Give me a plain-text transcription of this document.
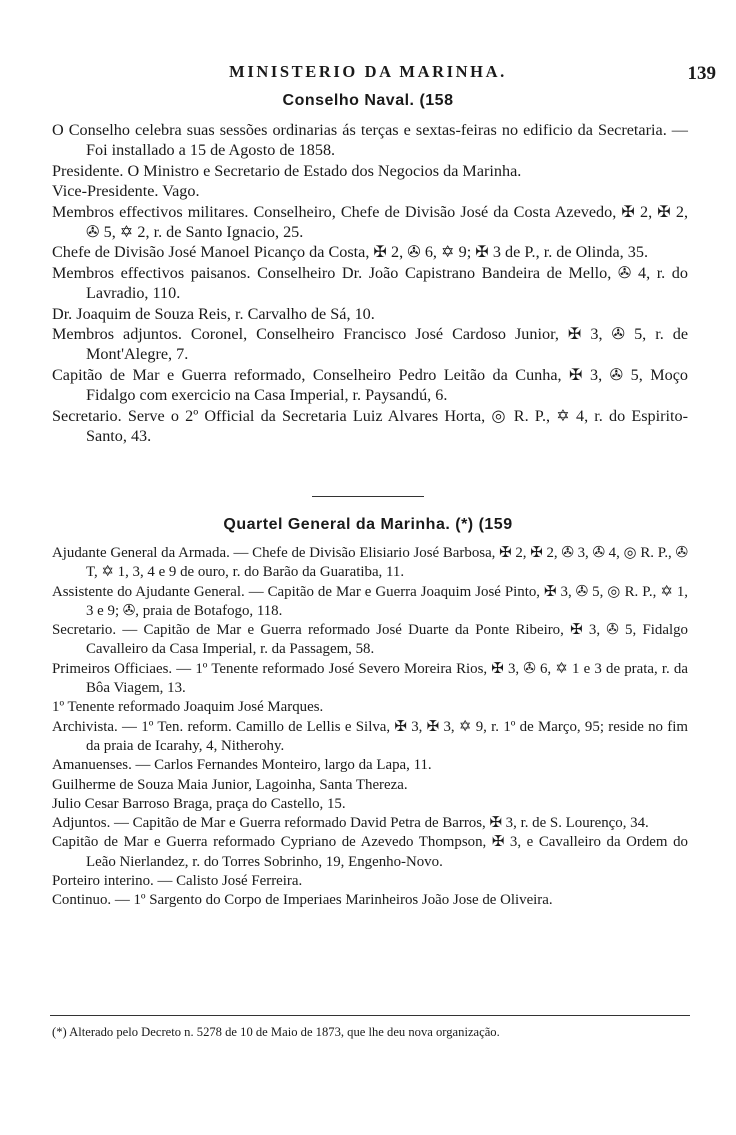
MINISTERIO DA MARINHA.	139
Conselho Naval. (158
O Conselho celebra suas sessões ordinarias ás terças e sextas-feiras no edificio da Secretaria. — Foi installado a 15 de Agosto de 1858.
Presidente. O Ministro e Secretario de Estado dos Negocios da Marinha.
Vice-Presidente. Vago.
Membros effectivos militares. Conselheiro, Chefe de Divisão José da Costa Azevedo, ✠ 2, ✠ 2, ✇ 5, ✡ 2, r. de Santo Ignacio, 25.
Chefe de Divisão José Manoel Picanço da Costa, ✠ 2, ✇ 6, ✡ 9; ✠ 3 de P., r. de Olinda, 35.
Membros effectivos paisanos. Conselheiro Dr. João Capistrano Bandeira de Mello, ✇ 4, r. do Lavradio, 110.
Dr. Joaquim de Souza Reis, r. Carvalho de Sá, 10.
Membros adjuntos. Coronel, Conselheiro Francisco José Cardoso Junior, ✠ 3, ✇ 5, r. de Mont'Alegre, 7.
Capitão de Mar e Guerra reformado, Conselheiro Pedro Leitão da Cunha, ✠ 3, ✇ 5, Moço Fidalgo com exercicio na Casa Imperial, r. Paysandú, 6.
Secretario. Serve o 2º Official da Secretaria Luiz Alvares Horta, ◎ R. P., ✡ 4, r. do Espirito-Santo, 43.
Quartel General da Marinha. (*) (159
Ajudante General da Armada. — Chefe de Divisão Elisiario José Barbosa, ✠ 2, ✠ 2, ✇ 3, ✇ 4, ◎ R. P., ✇ T, ✡ 1, 3, 4 e 9 de ouro, r. do Barão da Guaratiba, 11.
Assistente do Ajudante General. — Capitão de Mar e Guerra Joaquim José Pinto, ✠ 3, ✇ 5, ◎ R. P., ✡ 1, 3 e 9; ✇, praia de Botafogo, 118.
Secretario. — Capitão de Mar e Guerra reformado José Duarte da Ponte Ribeiro, ✠ 3, ✇ 5, Fidalgo Cavalleiro da Casa Imperial, r. da Passagem, 58.
Primeiros Officiaes. — 1º Tenente reformado José Severo Moreira Rios, ✠ 3, ✇ 6, ✡ 1 e 3 de prata, r. da Bôa Viagem, 13.
1º Tenente reformado Joaquim José Marques.
Archivista. — 1º Ten. reform. Camillo de Lellis e Silva, ✠ 3, ✠ 3, ✡ 9, r. 1º de Março, 95; reside no fim da praia de Icarahy, 4, Nitherohy.
Amanuenses. — Carlos Fernandes Monteiro, largo da Lapa, 11.
Guilherme de Souza Maia Junior, Lagoinha, Santa Thereza.
Julio Cesar Barroso Braga, praça do Castello, 15.
Adjuntos. — Capitão de Mar e Guerra reformado David Petra de Barros, ✠ 3, r. de S. Lourenço, 34.
Capitão de Mar e Guerra reformado Cypriano de Azevedo Thompson, ✠ 3, e Cavalleiro da Ordem do Leão Nierlandez, r. do Torres Sobrinho, 19, Engenho-Novo.
Porteiro interino. — Calisto José Ferreira.
Continuo. — 1º Sargento do Corpo de Imperiaes Marinheiros João Jose de Oliveira.
(*) Alterado pelo Decreto n. 5278 de 10 de Maio de 1873, que lhe deu nova organização.
